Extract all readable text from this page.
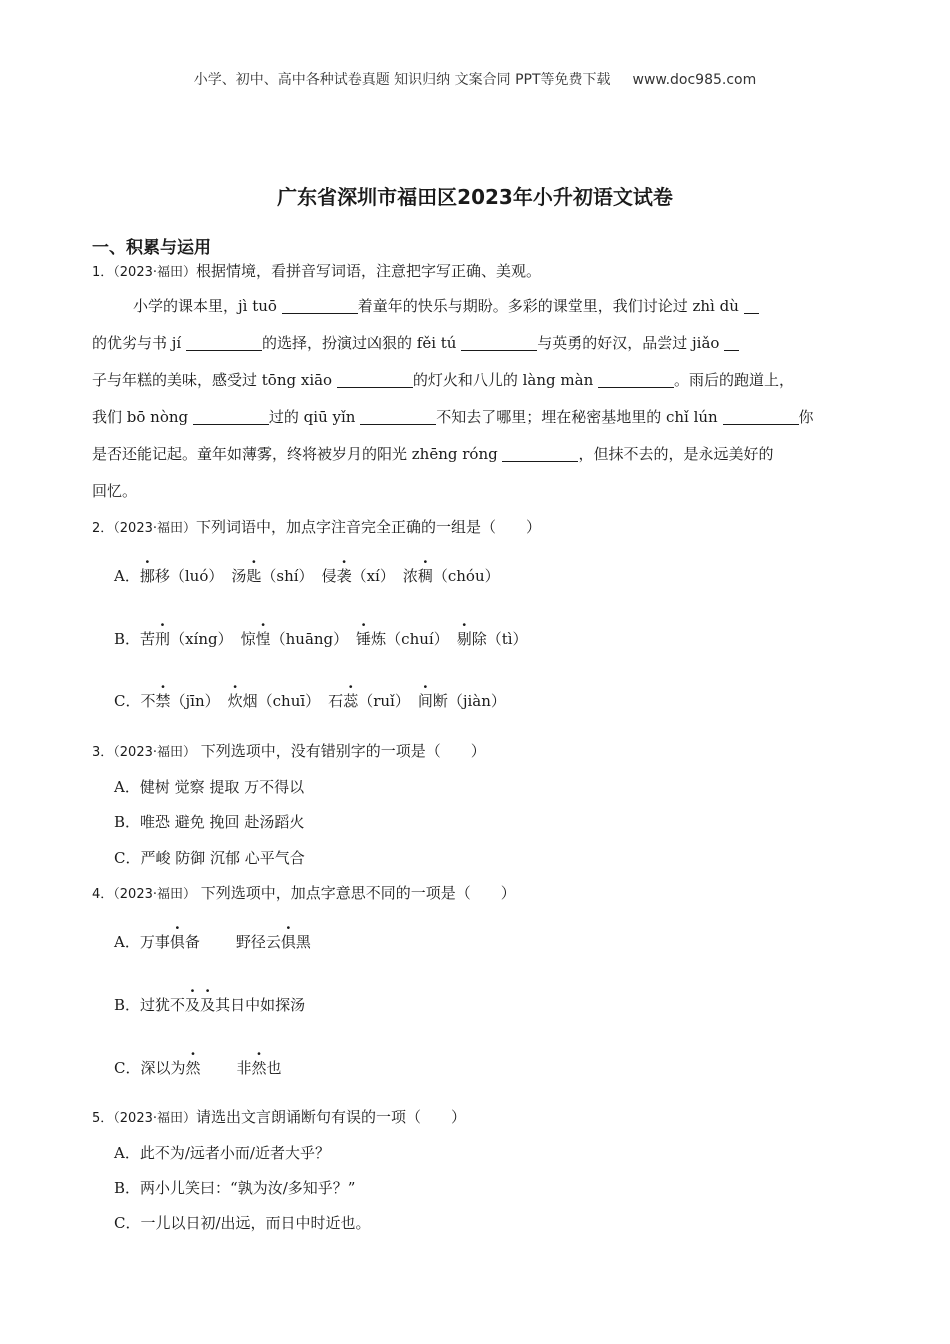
小学、初中、高中各种试卷真题 知识归纳 文案合同 PPT等免费下载 www.doc985.com
广东省深圳市福田区2023年小升初语文试卷
一、积累与运用
1．（2023·福田）根据情境，看拼音写词语，注意把字写正确、美观。
小学的课本里，jì tuō	着童年的快乐与期盼。多彩的课堂里，我们讨论过 zhì dù
的优劣与书 jí	的选择，扮演过凶狠的 fěi tú	与英勇的好汉，品尝过 jiǎo
子与年糕的美味，感受过 tōng xiāo	的灯火和八儿的 làng màn	。雨后的跑道上，
我们 bō nòng	过的 qiū yǐn	不知去了哪里；埋在秘密基地里的 chǐ lún	你
是否还能记起。童年如薄雾，终将被岁月的阳光 zhēng róng	，但抹不去的，是永远美好的
回忆。
2．（2023·福田）下列词语中，加点字注音完全正确的一组是（　　）
A．挪移（luó） 汤匙（shí） 侵袭（xí） 浓稠（chóu）
B．苦刑（xíng） 惊惶（huāng） 锤炼（chuí） 剔除（tì）
C．不禁（jīn） 炊烟（chuī） 石蕊（ruǐ） 间断（jiàn）
3．（2023·福田） 下列选项中，没有错别字的一项是（　　）
A．健树 觉察 提取 万不得以
B．唯恐 避免 挽回 赴汤蹈火
C．严峻 防御 沉郁 心平气合
4．（2023·福田） 下列选项中，加点字意思不同的一项是（　　）
A．万事俱备 野径云俱黑
B．过犹不及及其日中如探汤
C．深以为然 非然也
5．（2023·福田）请选出文言朗诵断句有误的一项（　　）
A．此不为/远者小而/近者大乎？
B．两小儿笑曰：“孰为汝/多知乎？”
C．一儿以日初/出远，而日中时近也。
